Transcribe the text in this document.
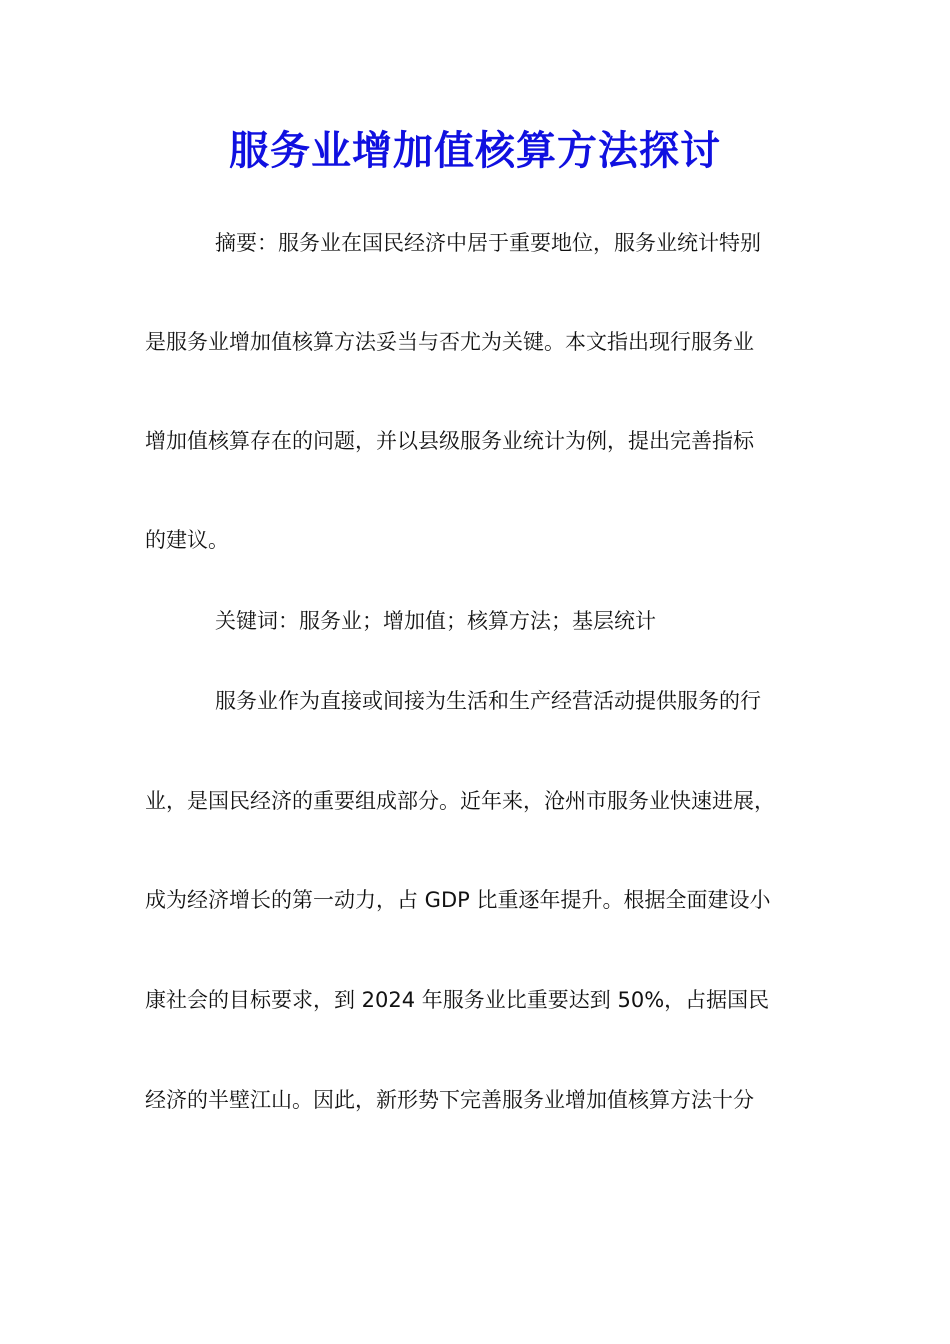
服务业增加值核算方法探讨

摘要：服务业在国民经济中居于重要地位，服务业统计特别

是服务业增加值核算方法妥当与否尤为关键。本文指出现行服务业

增加值核算存在的问题，并以县级服务业统计为例，提出完善指标

的建议。

关键词：服务业；增加值；核算方法；基层统计

服务业作为直接或间接为生活和生产经营活动提供服务的行

业，是国民经济的重要组成部分。近年来，沧州市服务业快速进展，

成为经济增长的第一动力，占 GDP 比重逐年提升。根据全面建设小

康社会的目标要求，到 2024 年服务业比重要达到 50%，占据国民

经济的半壁江山。因此，新形势下完善服务业增加值核算方法十分
